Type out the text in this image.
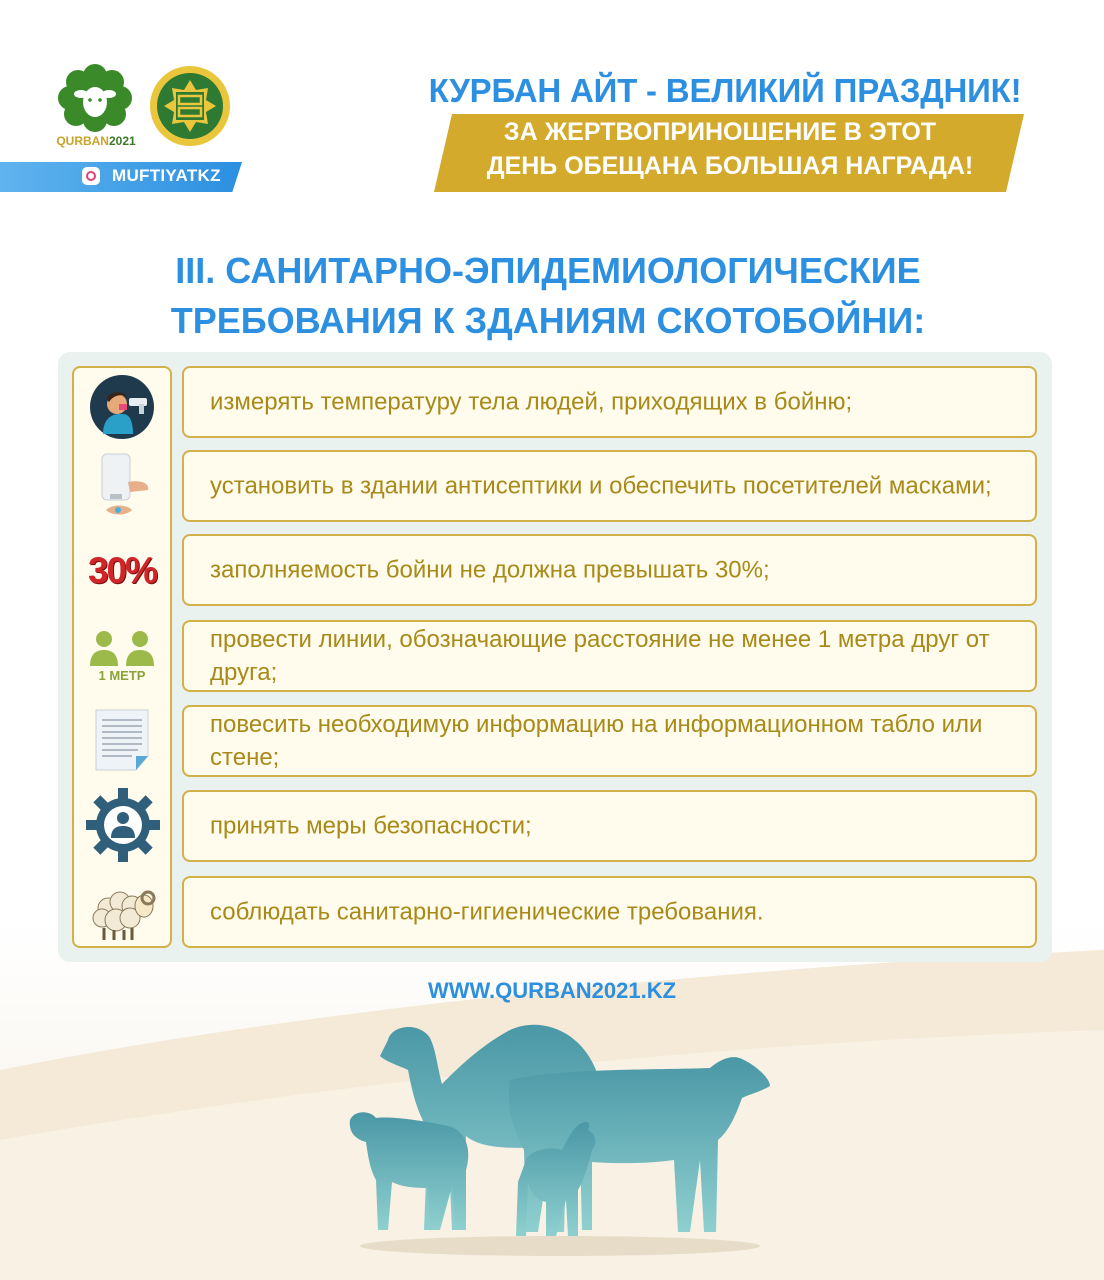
QURBAN2021
MUFTIYATKZ
КУРБАН АЙТ - ВЕЛИКИЙ ПРАЗДНИК!
ЗА ЖЕРТВОПРИНОШЕНИЕ В ЭТОТ
ДЕНЬ ОБЕЩАНА БОЛЬШАЯ НАГРАДА!
III. САНИТАРНО-ЭПИДЕМИОЛОГИЧЕСКИЕ
ТРЕБОВАНИЯ К ЗДАНИЯМ СКОТОБОЙНИ:
30%
1 МЕТР
измерять температуру тела людей, приходящих в бойню;
установить в здании антисептики и обеспечить посетителей масками;
заполняемость бойни не должна превышать 30%;
провести линии, обозначающие расстояние не менее 1 метра друг от друга;
повесить необходимую информацию на информационном табло или стене;
принять меры безопасности;
соблюдать санитарно-гигиенические требования.
WWW.QURBAN2021.KZ
